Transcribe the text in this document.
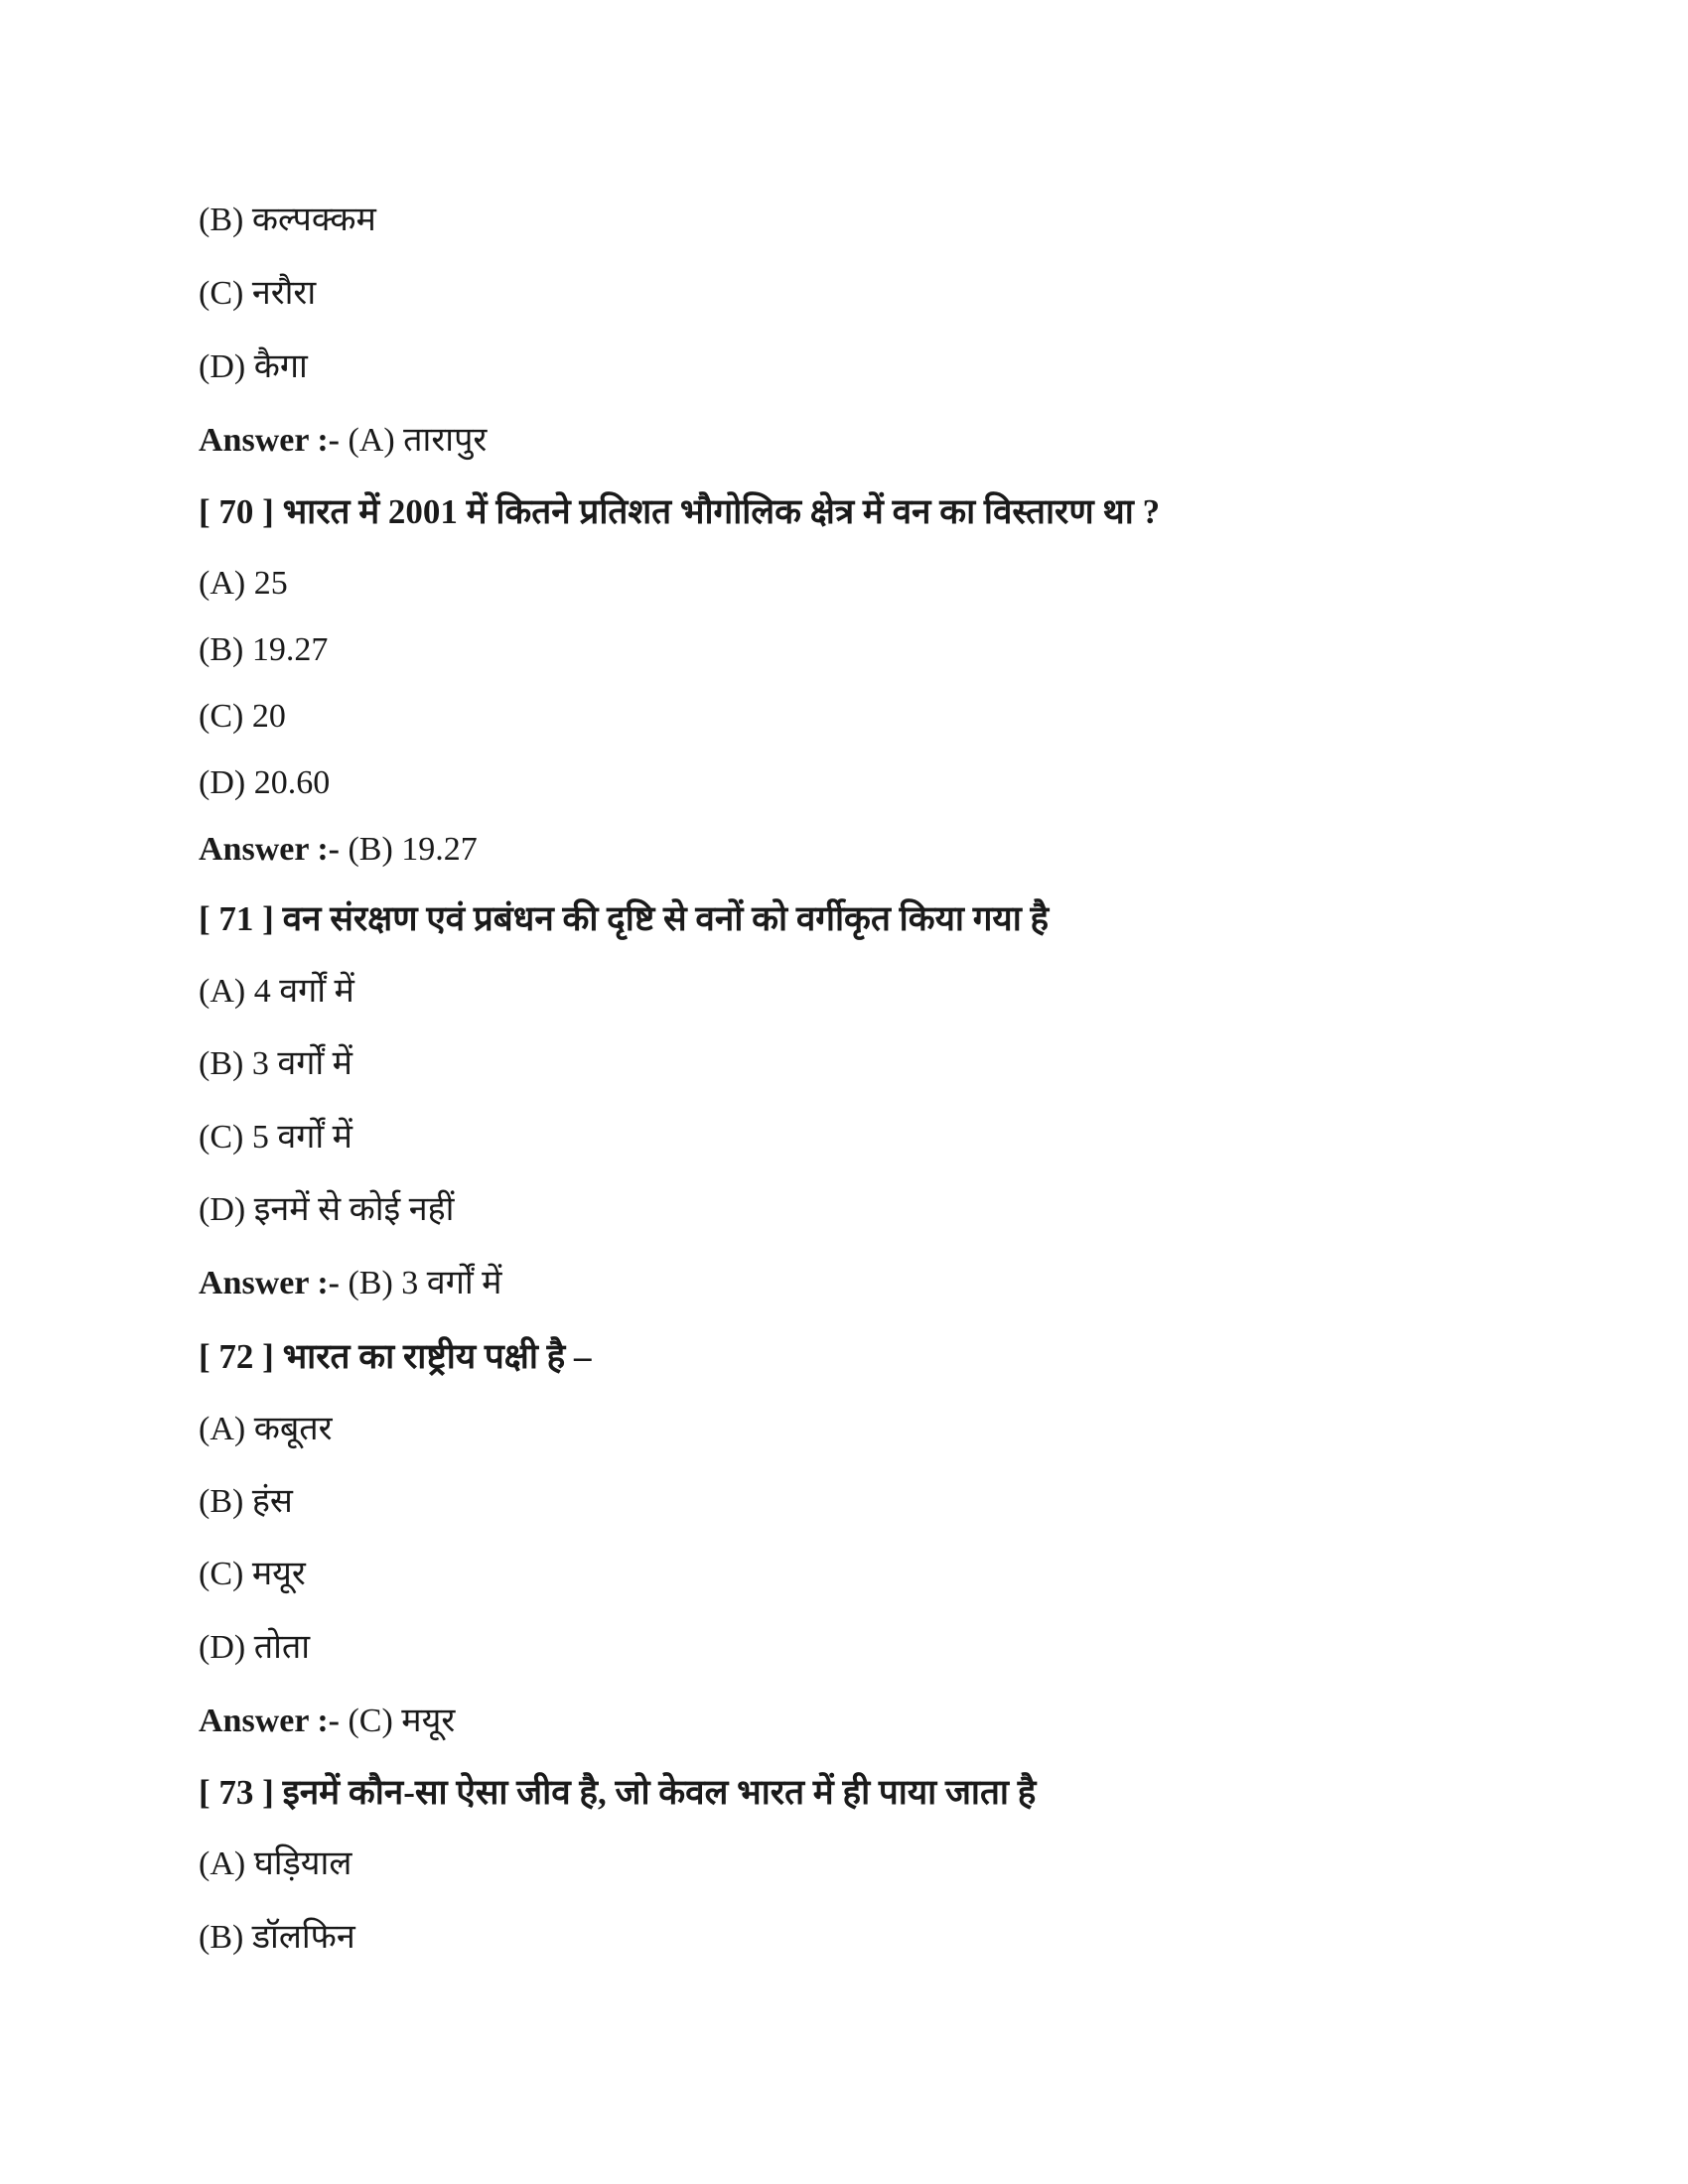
(B) कल्पक्कम
(C) नरौरा
(D) कैगा
Answer :- (A) तारापुर
[ 70 ] भारत में 2001 में कितने प्रतिशत भौगोलिक क्षेत्र में वन का विस्तारण था ?
(A) 25
(B) 19.27
(C) 20
(D) 20.60
Answer :- (B) 19.27
[ 71 ] वन संरक्षण एवं प्रबंधन की दृष्टि से वनों को वर्गीकृत किया गया है
(A) 4 वर्गों में
(B) 3 वर्गों में
(C) 5 वर्गों में
(D) इनमें से कोई नहीं
Answer :- (B) 3 वर्गों में
[ 72 ] भारत का राष्ट्रीय पक्षी है –
(A) कबूतर
(B) हंस
(C) मयूर
(D) तोता
Answer :- (C) मयूर
[ 73 ] इनमें कौन-सा ऐसा जीव है, जो केवल भारत में ही पाया जाता है
(A) घड़ियाल
(B) डॉलफिन
